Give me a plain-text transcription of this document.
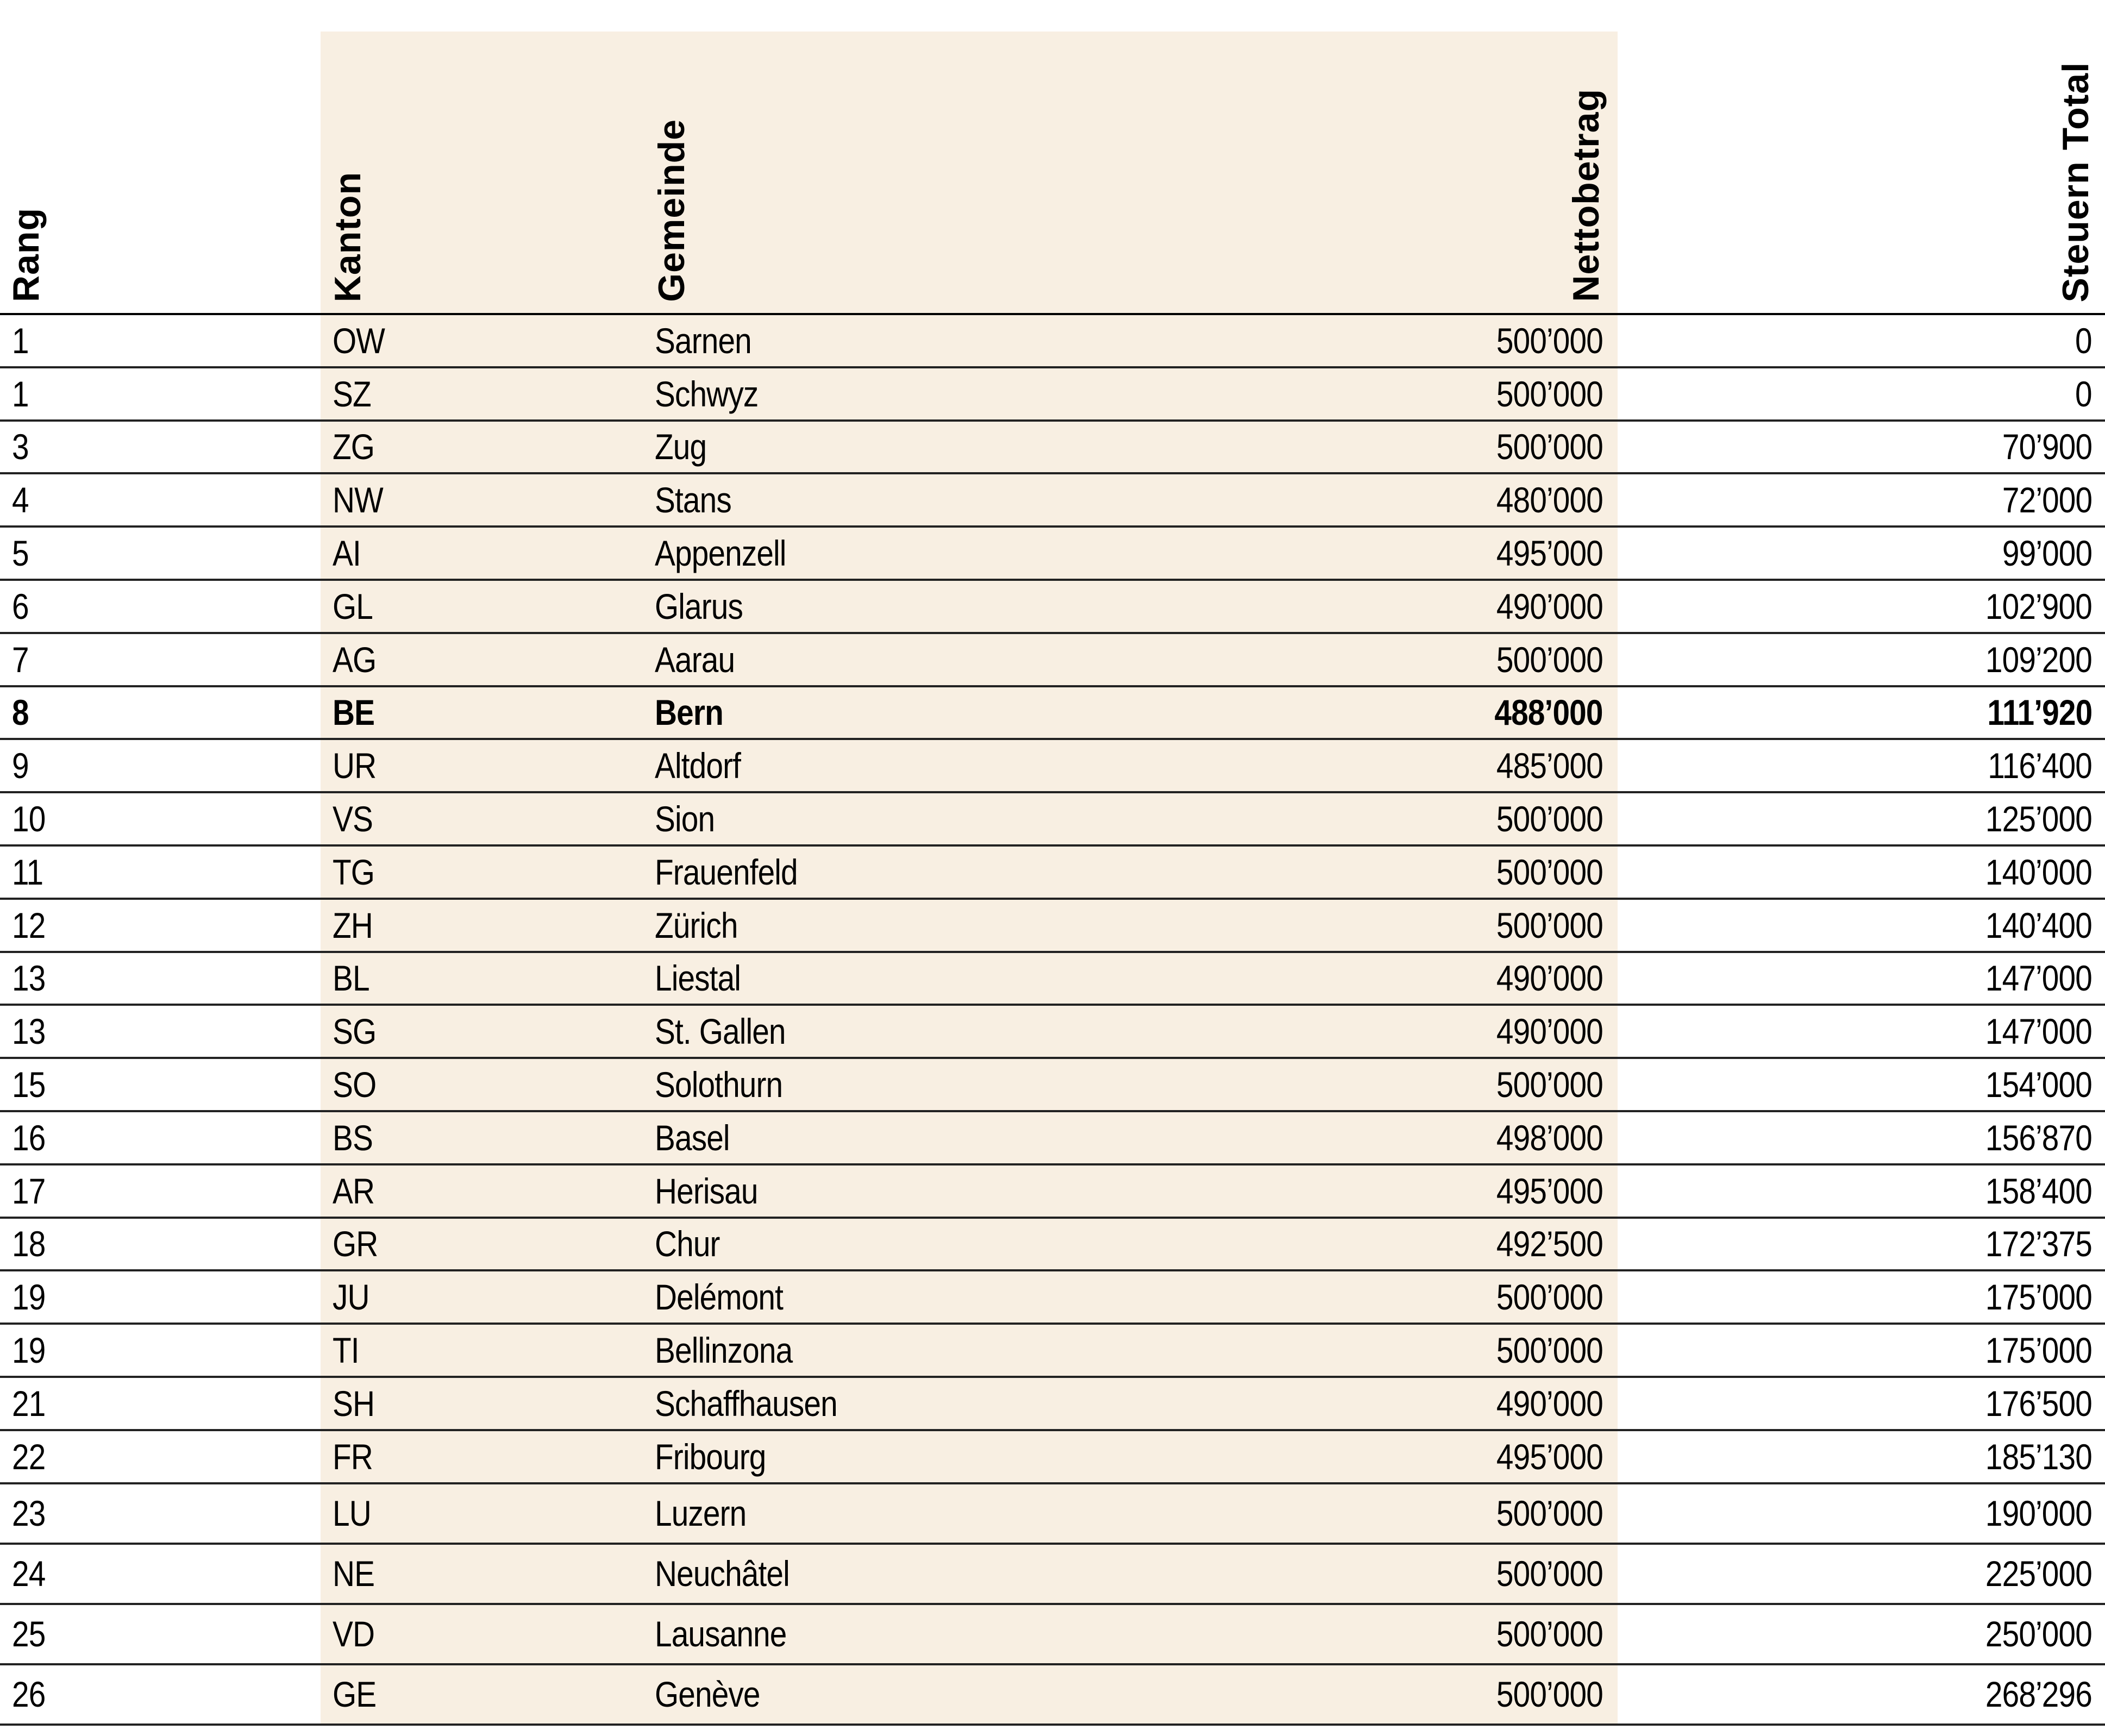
Rang	Kanton	Gemeinde	Nettobetrag	Steuern Total
1	OW	Sarnen	500’000	0
1	SZ	Schwyz	500’000	0
3	ZG	Zug	500’000	70’900
4	NW	Stans	480’000	72’000
5	AI	Appenzell	495’000	99’000
6	GL	Glarus	490’000	102’900
7	AG	Aarau	500’000	109’200
8	BE	Bern	488’000	111’920
9	UR	Altdorf	485’000	116’400
10	VS	Sion	500’000	125’000
11	TG	Frauenfeld	500’000	140’000
12	ZH	Zürich	500’000	140’400
13	BL	Liestal	490’000	147’000
13	SG	St. Gallen	490’000	147’000
15	SO	Solothurn	500’000	154’000
16	BS	Basel	498’000	156’870
17	AR	Herisau	495’000	158’400
18	GR	Chur	492’500	172’375
19	JU	Delémont	500’000	175’000
19	TI	Bellinzona	500’000	175’000
21	SH	Schaffhausen	490’000	176’500
22	FR	Fribourg	495’000	185’130
23	LU	Luzern	500’000	190’000
24	NE	Neuchâtel	500’000	225’000
25	VD	Lausanne	500’000	250’000
26	GE	Genève	500’000	268’296
